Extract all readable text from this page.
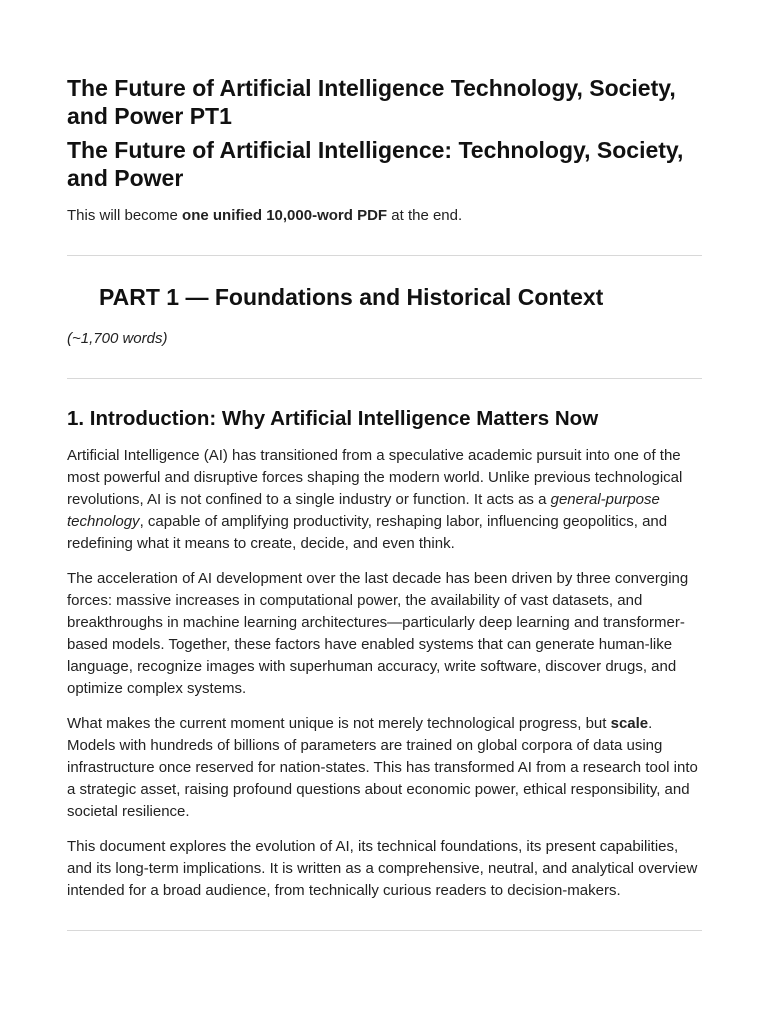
The Future of Artificial Intelligence Technology, Society, and Power PT1
The Future of Artificial Intelligence: Technology, Society, and Power

This will become one unified 10,000-word PDF at the end.

PART 1 — Foundations and Historical Context

(~1,700 words)

1. Introduction: Why Artificial Intelligence Matters Now

Artificial Intelligence (AI) has transitioned from a speculative academic pursuit into one of the most powerful and disruptive forces shaping the modern world. Unlike previous technological revolutions, AI is not confined to a single industry or function. It acts as a general-purpose technology, capable of amplifying productivity, reshaping labor, influencing geopolitics, and redefining what it means to create, decide, and even think.

The acceleration of AI development over the last decade has been driven by three converging forces: massive increases in computational power, the availability of vast datasets, and breakthroughs in machine learning architectures—particularly deep learning and transformer-based models. Together, these factors have enabled systems that can generate human-like language, recognize images with superhuman accuracy, write software, discover drugs, and optimize complex systems.

What makes the current moment unique is not merely technological progress, but scale. Models with hundreds of billions of parameters are trained on global corpora of data using infrastructure once reserved for nation-states. This has transformed AI from a research tool into a strategic asset, raising profound questions about economic power, ethical responsibility, and societal resilience.

This document explores the evolution of AI, its technical foundations, its present capabilities, and its long-term implications. It is written as a comprehensive, neutral, and analytical overview intended for a broad audience, from technically curious readers to decision-makers.
